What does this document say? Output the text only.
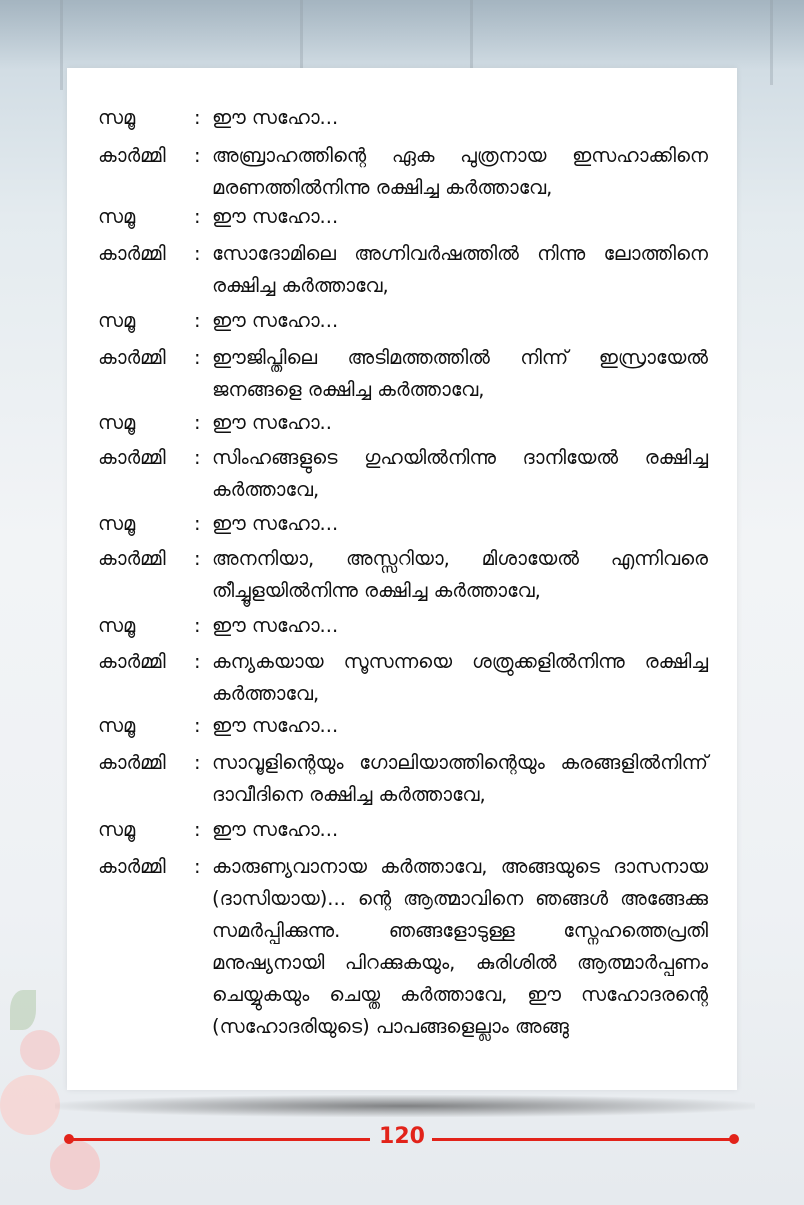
സമൂ	: ഈ സഹോ...
കാർമ്മി	: അബ്രാഹത്തിന്റെ ഏക പുത്രനായ ഇസഹാക്കിനെ മരണത്തിൽനിന്നു രക്ഷിച്ച കർത്താവേ,
സമൂ	: ഈ സഹോ...
കാർമ്മി	: സോദോമിലെ അഗ്നിവർഷത്തിൽ നിന്നു ലോത്തിനെ രക്ഷിച്ച കർത്താവേ,
സമൂ	: ഈ സഹോ...
കാർമ്മി	: ഈജിപ്തിലെ അടിമത്തത്തിൽ നിന്ന് ഇസ്രായേൽ ജനങ്ങളെ രക്ഷിച്ച കർത്താവേ,
സമൂ	: ഈ സഹോ..
കാർമ്മി	: സിംഹങ്ങളുടെ ഗുഹയിൽനിന്നു ദാനിയേൽ രക്ഷിച്ച കർത്താവേ,
സമൂ	: ഈ സഹോ...
കാർമ്മി	: അനനിയാ, അസ്സറിയാ, മിശായേൽ എന്നിവരെ തീച്ചൂളയിൽനിന്നു രക്ഷിച്ച കർത്താവേ,
സമൂ	: ഈ സഹോ...
കാർമ്മി	: കന്യകയായ സൂസന്നയെ ശത്രുക്കളിൽനിന്നു രക്ഷിച്ച കർത്താവേ,
സമൂ	: ഈ സഹോ...
കാർമ്മി	: സാവൂളിന്റെയും ഗോലിയാത്തിന്റെയും കരങ്ങളിൽനിന്ന് ദാവീദിനെ രക്ഷിച്ച കർത്താവേ,
സമൂ	: ഈ സഹോ...
കാർമ്മി	: കാരുണ്യവാനായ കർത്താവേ, അങ്ങയുടെ ദാസനായ (ദാസിയായ)... ന്റെ ആത്മാവിനെ ഞങ്ങൾ അങ്ങേക്കു സമർപ്പിക്കുന്നു. ഞങ്ങളോടുള്ള സ്നേഹത്തെപ്രതി മനുഷ്യനായി പിറക്കുകയും, കുരിശിൽ ആത്മാർപ്പണം ചെയ്യുകയും ചെയ്ത കർത്താവേ, ഈ സഹോദരന്റെ (സഹോദരിയുടെ) പാപങ്ങളെല്ലാം അങ്ങു
120
